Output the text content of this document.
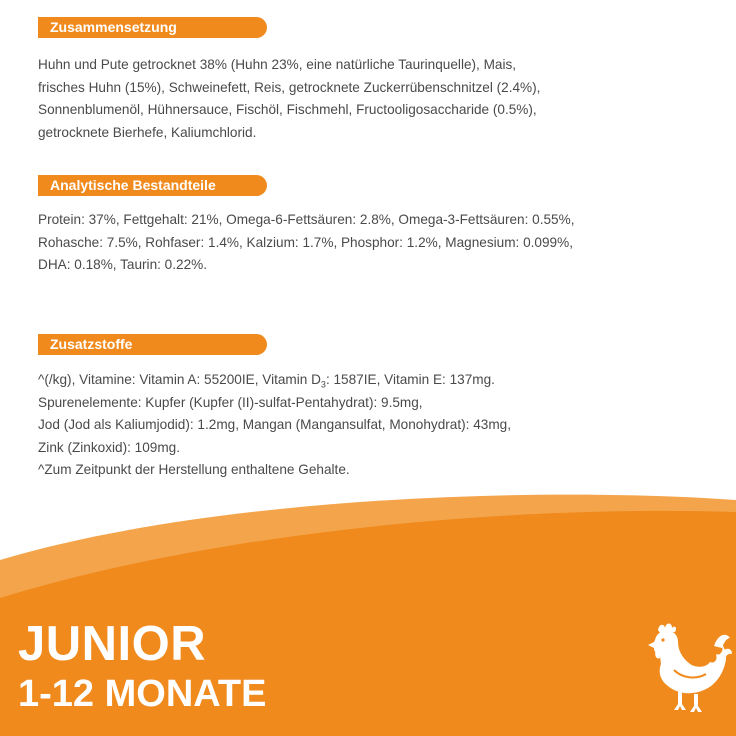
Zusammensetzung
Huhn und Pute getrocknet 38% (Huhn 23%, eine natürliche Taurinquelle), Mais,
frisches Huhn (15%), Schweinefett, Reis, getrocknete Zuckerrübenschnitzel (2.4%),
Sonnenblumenöl, Hühnersauce, Fischöl, Fischmehl, Fructooligosaccharide (0.5%),
getrocknete Bierhefe, Kaliumchlorid.
Analytische Bestandteile
Protein: 37%, Fettgehalt: 21%, Omega-6-Fettsäuren: 2.8%, Omega-3-Fettsäuren: 0.55%,
Rohasche: 7.5%, Rohfaser: 1.4%, Kalzium: 1.7%, Phosphor: 1.2%, Magnesium: 0.099%,
DHA: 0.18%, Taurin: 0.22%.
Zusatzstoffe
^(/kg), Vitamine: Vitamin A: 55200IE, Vitamin $D_3$: 1587IE, Vitamin E: 137mg.
Spurenelemente: Kupfer (Kupfer (II)-sulfat-Pentahydrat): 9.5mg,
Jod (Jod als Kaliumjodid): 1.2mg, Mangan (Mangansulfat, Monohydrat): 43mg,
Zink (Zinkoxid): 109mg.
^Zum Zeitpunkt der Herstellung enthaltene Gehalte.
JUNIOR
1-12 MONATE
